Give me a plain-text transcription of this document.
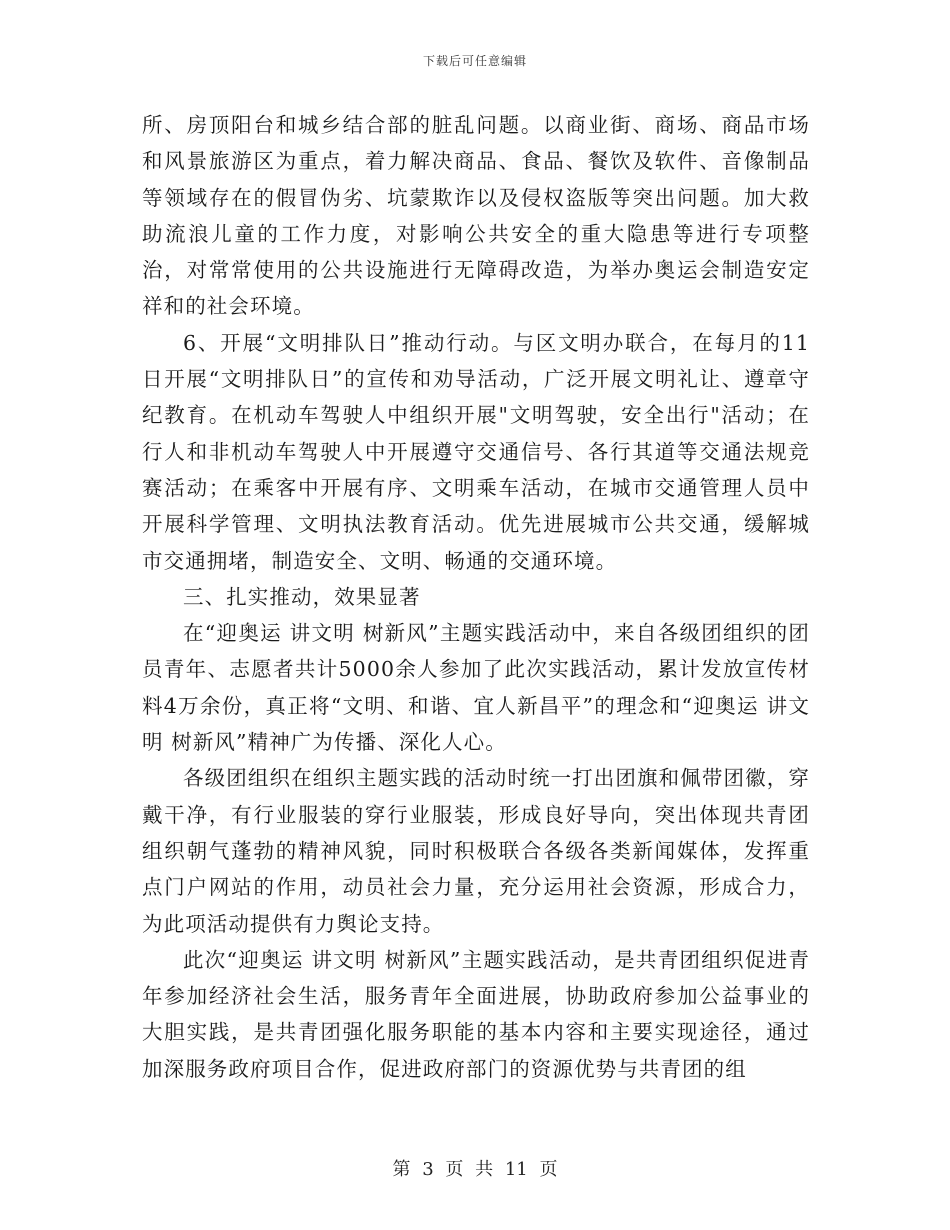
下载后可任意编辑

所、房顶阳台和城乡结合部的脏乱问题。以商业街、商场、商品市场和风景旅游区为重点，着力解决商品、食品、餐饮及软件、音像制品等领域存在的假冒伪劣、坑蒙欺诈以及侵权盗版等突出问题。加大救助流浪儿童的工作力度，对影响公共安全的重大隐患等进行专项整治，对常常使用的公共设施进行无障碍改造，为举办奥运会制造安定祥和的社会环境。

6、开展“文明排队日”推动行动。与区文明办联合，在每月的11日开展“文明排队日”的宣传和劝导活动，广泛开展文明礼让、遵章守纪教育。在机动车驾驶人中组织开展"文明驾驶，安全出行"活动；在行人和非机动车驾驶人中开展遵守交通信号、各行其道等交通法规竞赛活动；在乘客中开展有序、文明乘车活动，在城市交通管理人员中开展科学管理、文明执法教育活动。优先进展城市公共交通，缓解城市交通拥堵，制造安全、文明、畅通的交通环境。

三、扎实推动，效果显著

在“迎奥运 讲文明 树新风”主题实践活动中，来自各级团组织的团员青年、志愿者共计5000余人参加了此次实践活动，累计发放宣传材料4万余份，真正将“文明、和谐、宜人新昌平”的理念和“迎奥运 讲文明 树新风”精神广为传播、深化人心。

各级团组织在组织主题实践的活动时统一打出团旗和佩带团徽，穿戴干净，有行业服装的穿行业服装，形成良好导向，突出体现共青团组织朝气蓬勃的精神风貌，同时积极联合各级各类新闻媒体，发挥重点门户网站的作用，动员社会力量，充分运用社会资源，形成合力，为此项活动提供有力舆论支持。

此次“迎奥运 讲文明 树新风”主题实践活动，是共青团组织促进青年参加经济社会生活，服务青年全面进展，协助政府参加公益事业的大胆实践，是共青团强化服务职能的基本内容和主要实现途径，通过加深服务政府项目合作，促进政府部门的资源优势与共青团的组

第 3 页 共 11 页
